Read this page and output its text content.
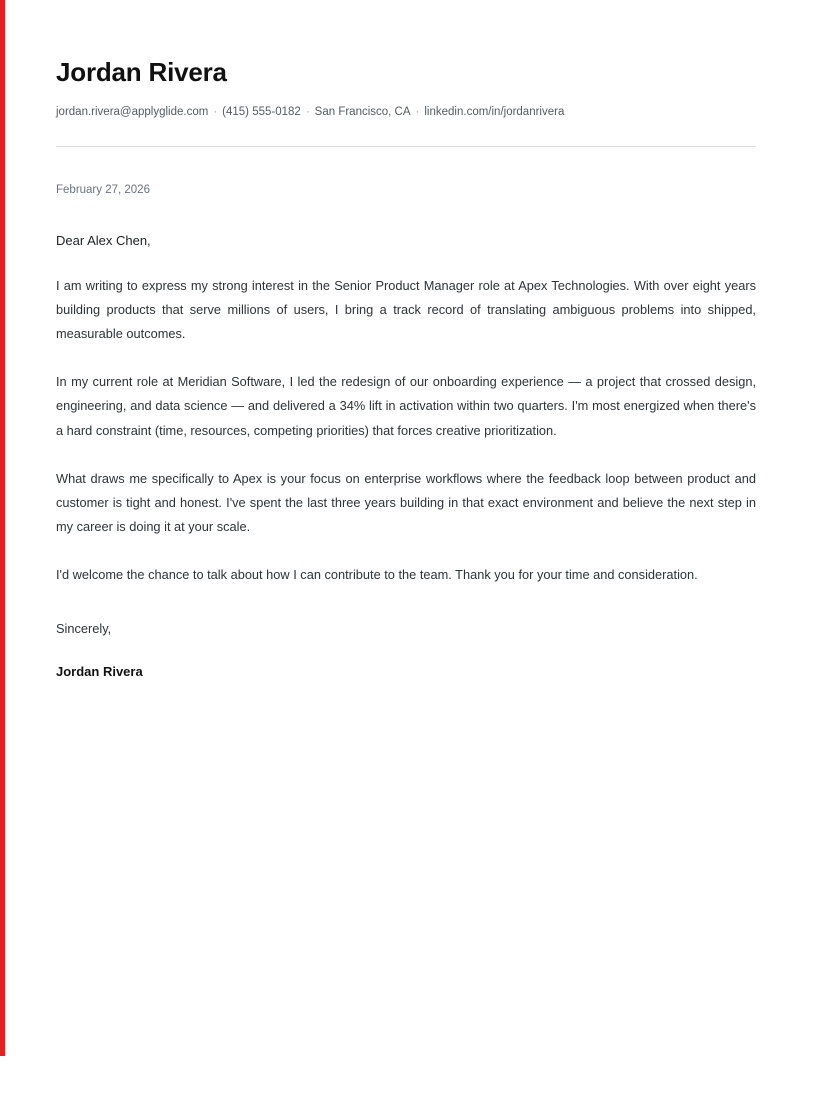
Jordan Rivera
jordan.rivera@applyglide.com · (415) 555-0182 · San Francisco, CA · linkedin.com/in/jordanrivera
February 27, 2026
Dear Alex Chen,

I am writing to express my strong interest in the Senior Product Manager role at Apex Technologies. With over eight years building products that serve millions of users, I bring a track record of translating ambiguous problems into shipped, measurable outcomes.

In my current role at Meridian Software, I led the redesign of our onboarding experience — a project that crossed design, engineering, and data science — and delivered a 34% lift in activation within two quarters. I'm most energized when there's a hard constraint (time, resources, competing priorities) that forces creative prioritization.

What draws me specifically to Apex is your focus on enterprise workflows where the feedback loop between product and customer is tight and honest. I've spent the last three years building in that exact environment and believe the next step in my career is doing it at your scale.

I'd welcome the chance to talk about how I can contribute to the team. Thank you for your time and consideration.

Sincerely,
Jordan Rivera
